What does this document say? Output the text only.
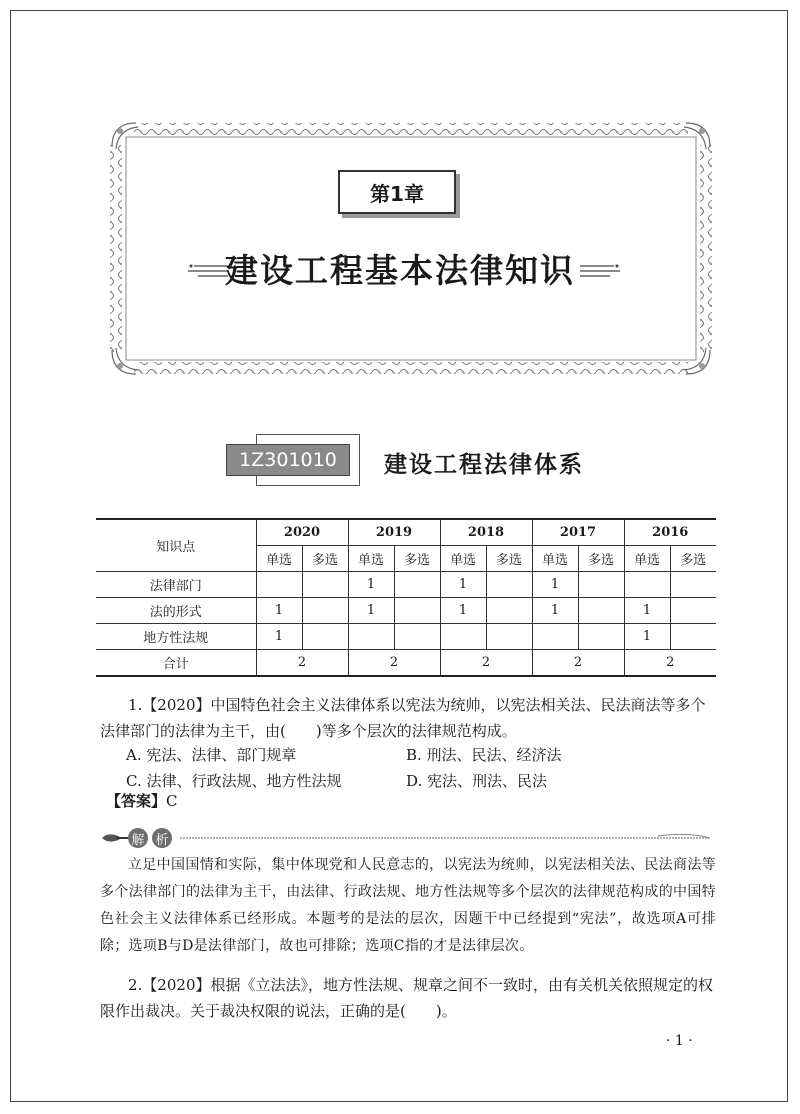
第1章
建设工程基本法律知识
1Z301010	建设工程法律体系
知识点	2020		2019		2018		2017		2016	
	单选	多选	单选	多选	单选	多选	单选	多选	单选	多选
法律部门			1		1		1			
法的形式	1		1		1		1		1	
地方性法规	1								1	
合计	2		2		2		2		2	

1.【2020】中国特色社会主义法律体系以宪法为统帅，以宪法相关法、民法商法等多个法律部门的法律为主干，由(　　)等多个层次的法律规范构成。

A. 宪法、法律、部门规章	B. 刑法、民法、经济法
C. 法律、行政法规、地方性法规	D. 宪法、刑法、民法
【答案】C
解 析

立足中国国情和实际，集中体现党和人民意志的，以宪法为统帅，以宪法相关法、民法商法等多个法律部门的法律为主干，由法律、行政法规、地方性法规等多个层次的法律规范构成的中国特色社会主义法律体系已经形成。本题考的是法的层次，因题干中已经提到“宪法”，故选项A可排除；选项B与D是法律部门，故也可排除；选项C指的才是法律层次。

2.【2020】根据《立法法》，地方性法规、规章之间不一致时，由有关机关依照规定的权限作出裁决。关于裁决权限的说法，正确的是(　　)。

· 1 ·
